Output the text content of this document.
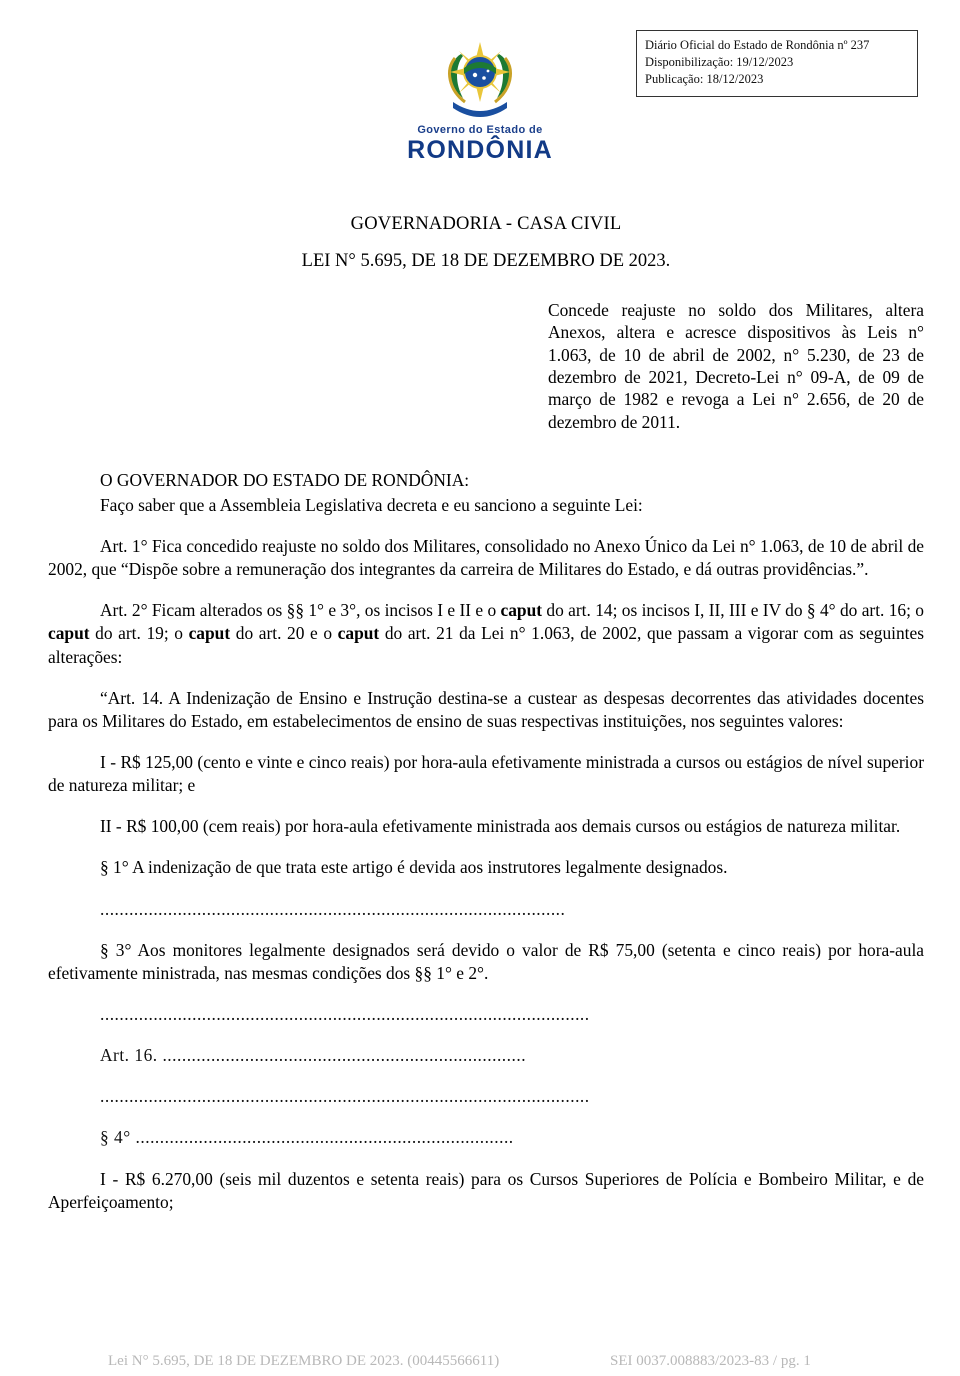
Diário Oficial do Estado de Rondônia nº 237
Disponibilização: 19/12/2023
Publicação: 18/12/2023
Governo do Estado de
RONDÔNIA
GOVERNADORIA - CASA CIVIL
LEI N° 5.695, DE 18 DE DEZEMBRO DE 2023.
Concede reajuste no soldo dos Militares, altera Anexos, altera e acresce dispositivos às Leis n° 1.063, de 10 de abril de 2002, n° 5.230, de 23 de dezembro de 2021, Decreto-Lei n° 09-A, de 09 de março de 1982 e revoga a Lei n° 2.656, de 20 de dezembro de 2011.

O GOVERNADOR DO ESTADO DE RONDÔNIA:

Faço saber que a Assembleia Legislativa decreta e eu sanciono a seguinte Lei:

Art. 1° Fica concedido reajuste no soldo dos Militares, consolidado no Anexo Único da Lei n° 1.063, de 10 de abril de 2002, que “Dispõe sobre a remuneração dos integrantes da carreira de Militares do Estado, e dá outras providências.”.

Art. 2° Ficam alterados os §§ 1° e 3°, os incisos I e II e o caput do art. 14; os incisos I, II, III e IV do § 4° do art. 16; o caput do art. 19; o caput do art. 20 e o caput do art. 21 da Lei n° 1.063, de 2002, que passam a vigorar com as seguintes alterações:

“Art. 14. A Indenização de Ensino e Instrução destina-se a custear as despesas decorrentes das atividades docentes para os Militares do Estado, em estabelecimentos de ensino de suas respectivas instituições, nos seguintes valores:

I - R$ 125,00 (cento e vinte e cinco reais) por hora-aula efetivamente ministrada a cursos ou estágios de nível superior de natureza militar; e

II - R$ 100,00 (cem reais) por hora-aula efetivamente ministrada aos demais cursos ou estágios de natureza militar.

§ 1° A indenização de que trata este artigo é devida aos instrutores legalmente designados.

................................................................................................

§ 3° Aos monitores legalmente designados será devido o valor de R$ 75,00 (setenta e cinco reais) por hora-aula efetivamente ministrada, nas mesmas condições dos §§ 1° e 2°.

.....................................................................................................

Art. 16. ...........................................................................

.....................................................................................................

§ 4° ..............................................................................

I - R$ 6.270,00 (seis mil duzentos e setenta reais) para os Cursos Superiores de Polícia e Bombeiro Militar, e de Aperfeiçoamento;

Lei N° 5.695, DE 18 DE DEZEMBRO DE 2023. (00445566611)	SEI 0037.008883/2023-83 / pg. 1
